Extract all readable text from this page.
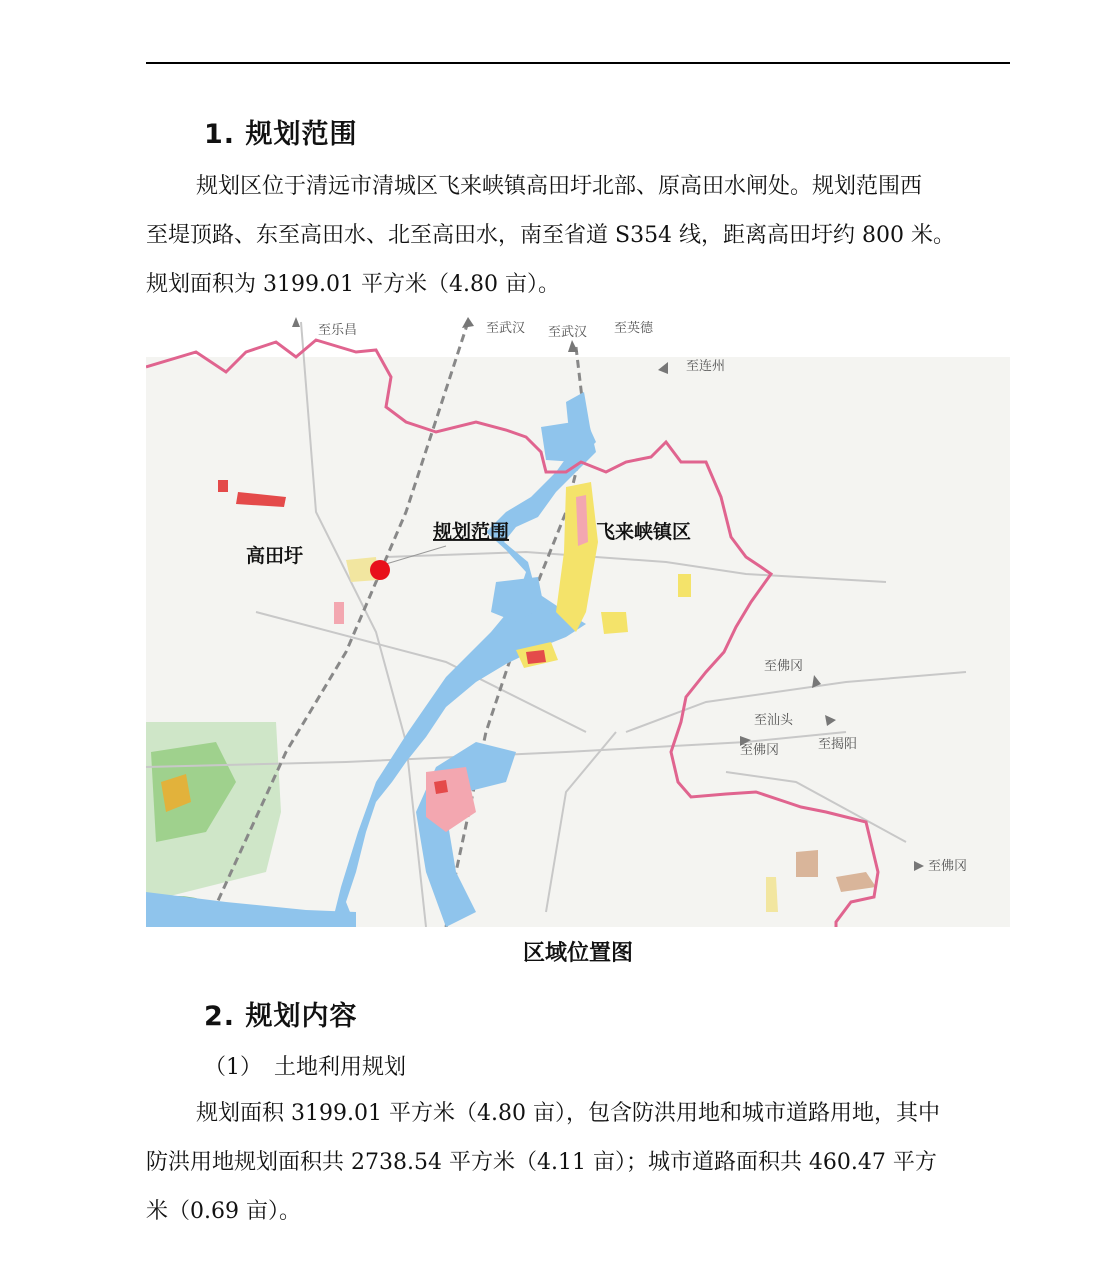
1. 规划范围
规划区位于清远市清城区飞来峡镇高田圩北部、原高田水闸处。规划范围西
至堤顶路、东至高田水、北至高田水，南至省道 S354 线，距离高田圩约 800 米。
规划面积为 3199.01 平方米（4.80 亩）。
至乐昌	至武汉 至武汉 至英德
至连州
至佛冈
至汕头
至佛冈	至揭阳
至佛冈
规划范围	飞来峡镇区
高田圩
区域位置图
2. 规划内容
（1） 土地利用规划
规划面积 3199.01 平方米（4.80 亩），包含防洪用地和城市道路用地，其中
防洪用地规划面积共 2738.54 平方米（4.11 亩）；城市道路面积共 460.47 平方
米（0.69 亩）。
